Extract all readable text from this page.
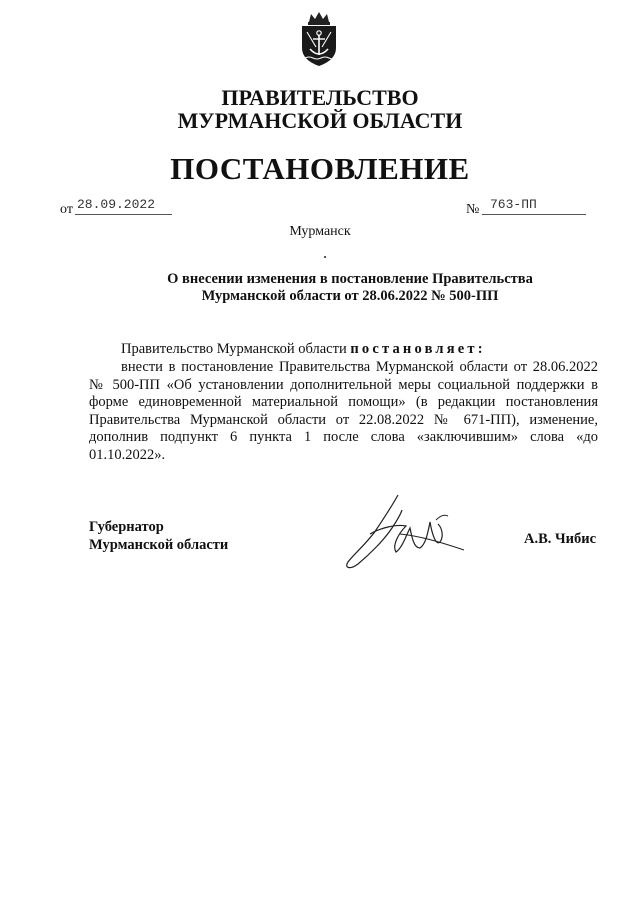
ПРАВИТЕЛЬСТВО
МУРМАНСКОЙ ОБЛАСТИ
ПОСТАНОВЛЕНИЕ
от 28.09.2022	№ 763-ПП
Мурманск
О внесении изменения в постановление Правительства
Мурманской области от 28.06.2022 № 500-ПП
Правительство Мурманской области постановляет:
внести в постановление Правительства Мурманской области от 28.06.2022 № 500-ПП «Об установлении дополнительной меры социальной поддержки в форме единовременной материальной помощи» (в редакции постановления Правительства Мурманской области от 22.08.2022 № 671-ПП), изменение, дополнив подпункт 6 пункта 1 после слова «заключившим» слова «до 01.10.2022».
Губернатор
Мурманской области	А.В. Чибис
